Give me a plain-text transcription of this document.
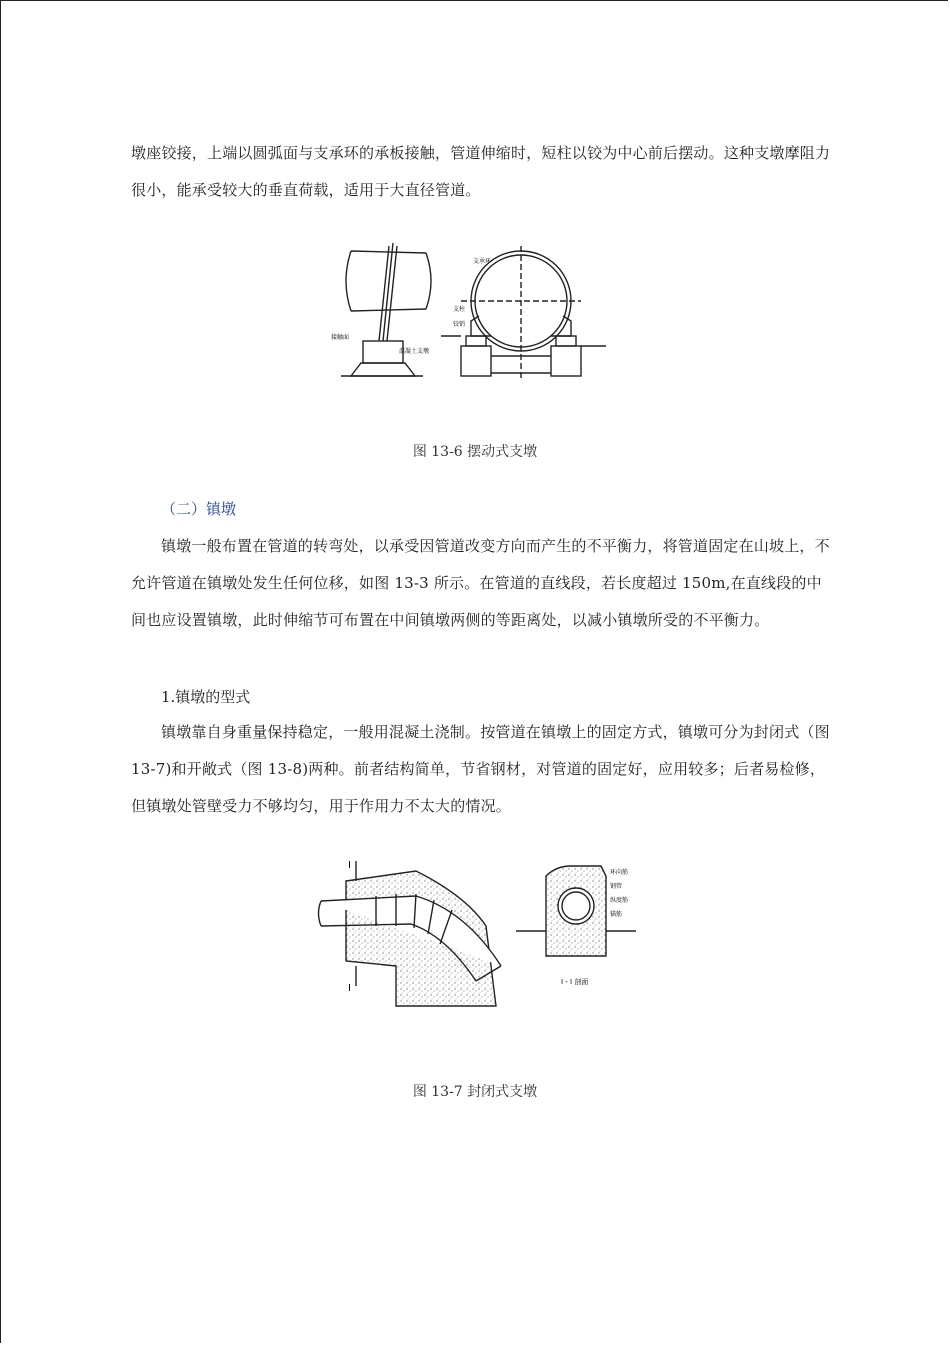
墩座铰接，上端以圆弧面与支承环的承板接触，管道伸缩时，短柱以铰为中心前后摆动。这种支墩摩阻力很小，能承受较大的垂直荷载，适用于大直径管道。

支承环
支柱
铰销
接触面
混凝土支墩
图 13-6 摆动式支墩
（二）镇墩

镇墩一般布置在管道的转弯处，以承受因管道改变方向而产生的不平衡力，将管道固定在山坡上，不允许管道在镇墩处发生任何位移，如图 13-3 所示。在管道的直线段，若长度超过 150m,在直线段的中间也应设置镇墩，此时伸缩节可布置在中间镇墩两侧的等距离处，以减小镇墩所受的不平衡力。

1.镇墩的型式

镇墩靠自身重量保持稳定，一般用混凝土浇制。按管道在镇墩上的固定方式，镇墩可分为封闭式（图 13-7)和开敞式（图 13-8)两种。前者结构简单，节省钢材，对管道的固定好，应用较多；后者易检修，但镇墩处管壁受力不够均匀，用于作用力不太大的情况。

I
I
环向筋
钢管
纵度筋
锚筋
I - I 剖面
图 13-7 封闭式支墩
